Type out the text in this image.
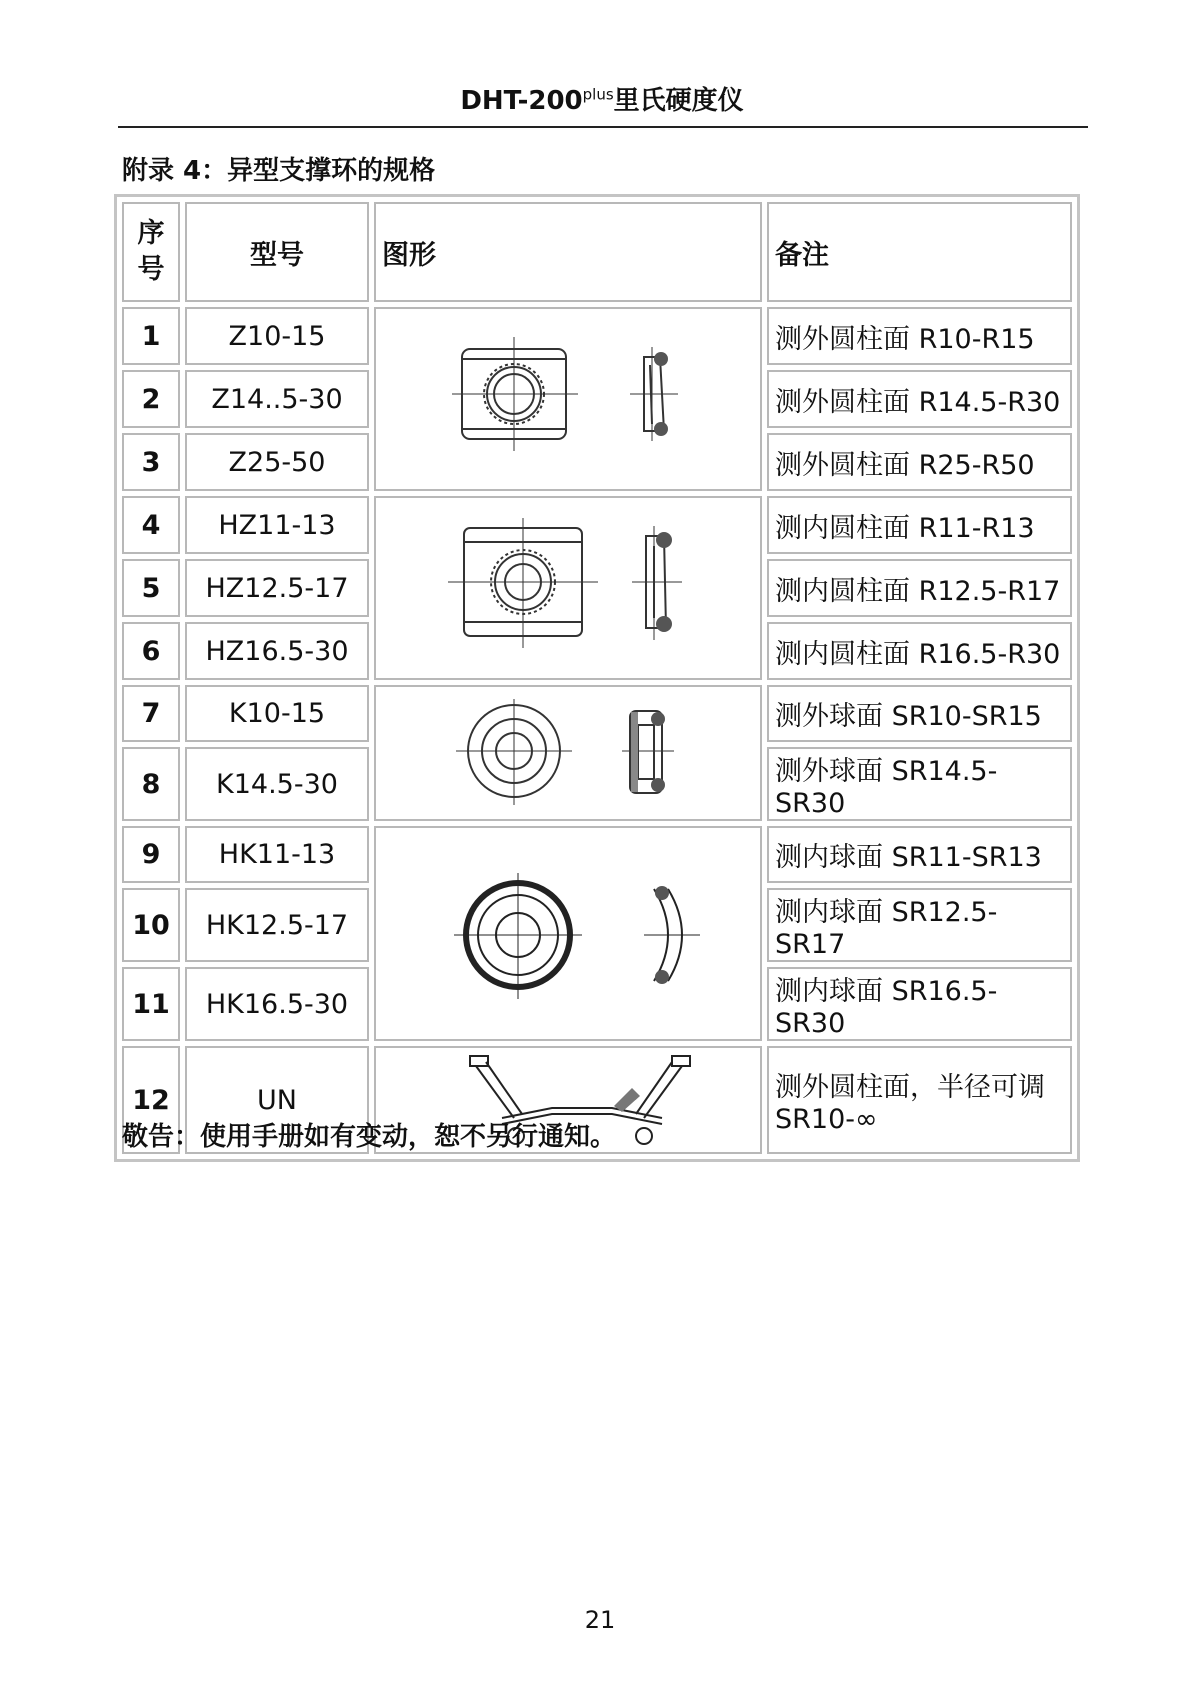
DHT-$200^{plus}$里氏硬度仪
附录 4：异型支撑环的规格
序
号	型号	图形	备注
1	Z10-15		测外圆柱面 R10-R15
2	Z14..5-30		测外圆柱面 R14.5-R30
3	Z25-50		测外圆柱面 R25-R50
4	HZ11-13		测内圆柱面 R11-R13
5	HZ12.5-17		测内圆柱面 R12.5-R17
6	HZ16.5-30		测内圆柱面 R16.5-R30
7	K10-15		测外球面 SR10-SR15
8	K14.5-30		测外球面 SR14.5-SR30
9	HK11-13		测内球面 SR11-SR13
10	HK12.5-17		测内球面 SR12.5-SR17
11	HK16.5-30		测内球面 SR16.5-SR30
12	UN		测外圆柱面，半径可调
SR10-∞
敬告：使用手册如有变动，恕不另行通知。
21
